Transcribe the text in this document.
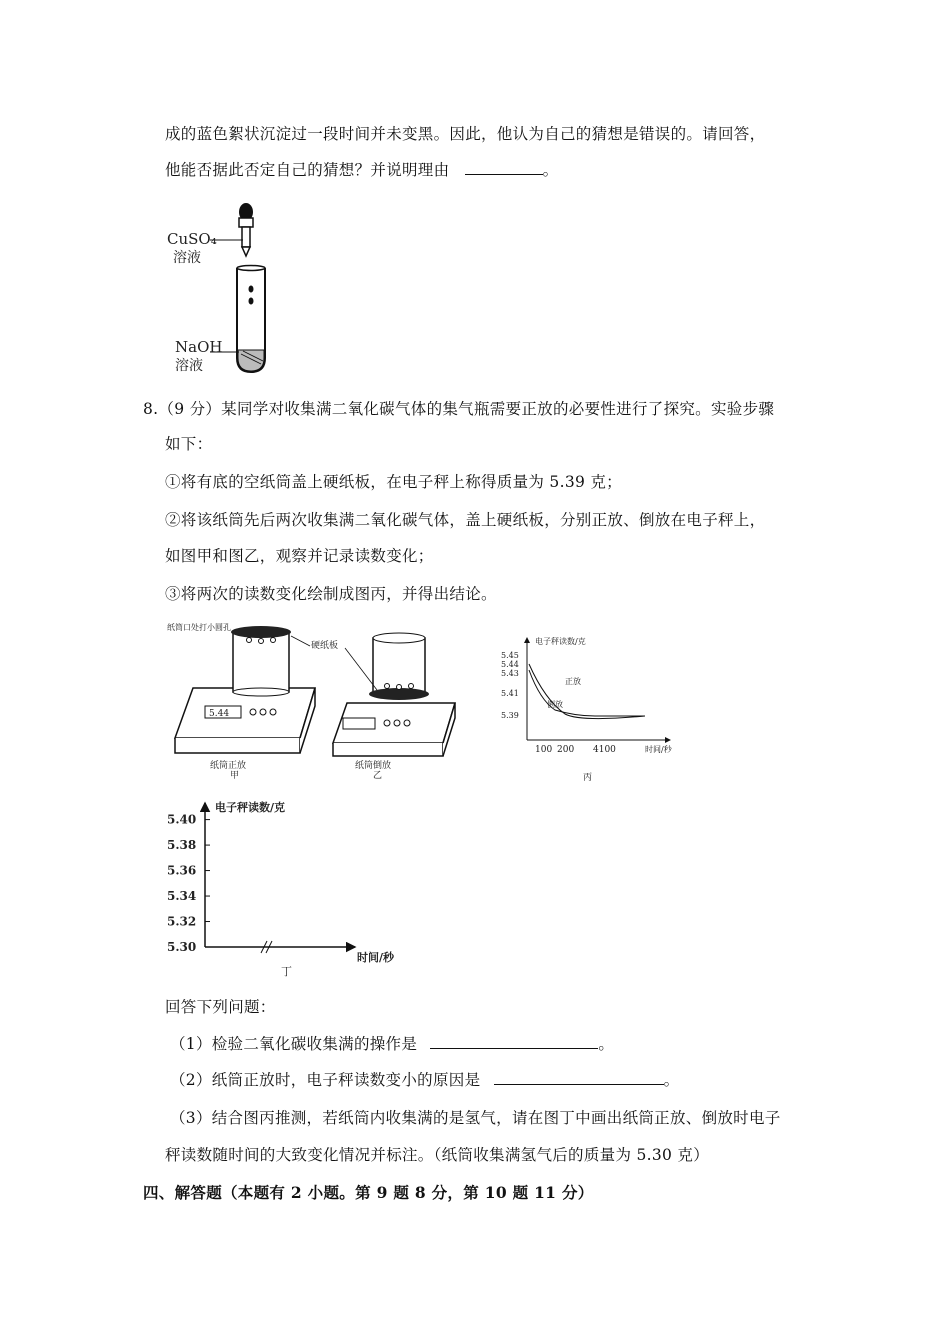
成的蓝色絮状沉淀过一段时间并未变黑。因此，他认为自己的猜想是错误的。请回答，
他能否据此否定自己的猜想？并说明理由	。
CuSO₄
溶液
NaOH
溶液
8.（9 分）某同学对收集满二氧化碳气体的集气瓶需要正放的必要性进行了探究。实验步骤
如下：
①将有底的空纸筒盖上硬纸板，在电子秤上称得质量为 5.39 克；
②将该纸筒先后两次收集满二氧化碳气体，盖上硬纸板，分别正放、倒放在电子秤上，
如图甲和图乙，观察并记录读数变化；
③将两次的读数变化绘制成图丙，并得出结论。
5.44
纸筒口处打小圆孔
硬纸板
纸筒正放
甲
纸筒倒放
乙
电子秤读数/克
5.45
5.44
5.43
5.41
5.39
正放
倒放
100 200 4100	时间/秒
丙
电子秤读数/克
时间/秒
丁
5.30
5.32
5.34
5.36
5.38
5.40
回答下列问题：
（1）检验二氧化碳收集满的操作是	。
（2）纸筒正放时，电子秤读数变小的原因是	。
（3）结合图丙推测，若纸筒内收集满的是氢气，请在图丁中画出纸筒正放、倒放时电子
秤读数随时间的大致变化情况并标注。（纸筒收集满氢气后的质量为 5.30 克）
四、解答题（本题有 2 小题。第 9 题 8 分，第 10 题 11 分）
